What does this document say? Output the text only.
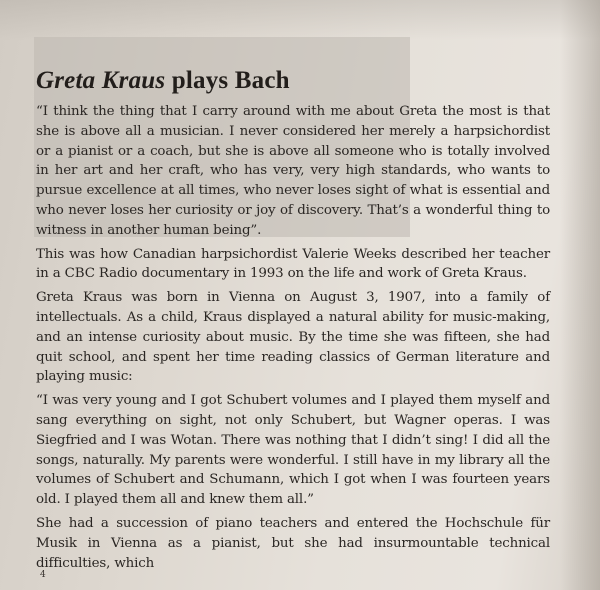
Greta Kraus plays Bach

“I think the thing that I carry around with me about Greta the most is that she is above all a musician. I never considered her merely a harpsichordist or a pianist or a coach, but she is above all someone who is totally involved in her art and her craft, who has very, very high standards, who wants to pursue excellence at all times, who never loses sight of what is essential and who never loses her curiosity or joy of discovery. That’s a wonderful thing to witness in another human being”.

This was how Canadian harpsichordist Valerie Weeks described her teacher in a CBC Radio documentary in 1993 on the life and work of Greta Kraus.

Greta Kraus was born in Vienna on August 3, 1907, into a family of intellectuals. As a child, Kraus displayed a natural ability for music-making, and an intense curiosity about music. By the time she was fifteen, she had quit school, and spent her time reading classics of German literature and playing music:

“I was very young and I got Schubert volumes and I played them myself and sang everything on sight, not only Schubert, but Wagner operas. I was Siegfried and I was Wotan. There was nothing that I didn’t sing! I did all the songs, naturally. My parents were wonderful. I still have in my library all the volumes of Schubert and Schumann, which I got when I was fourteen years old. I played them all and knew them all.”

She had a succession of piano teachers and entered the Hochschule für Musik in Vienna as a pianist, but she had insurmountable technical difficulties, which

4
